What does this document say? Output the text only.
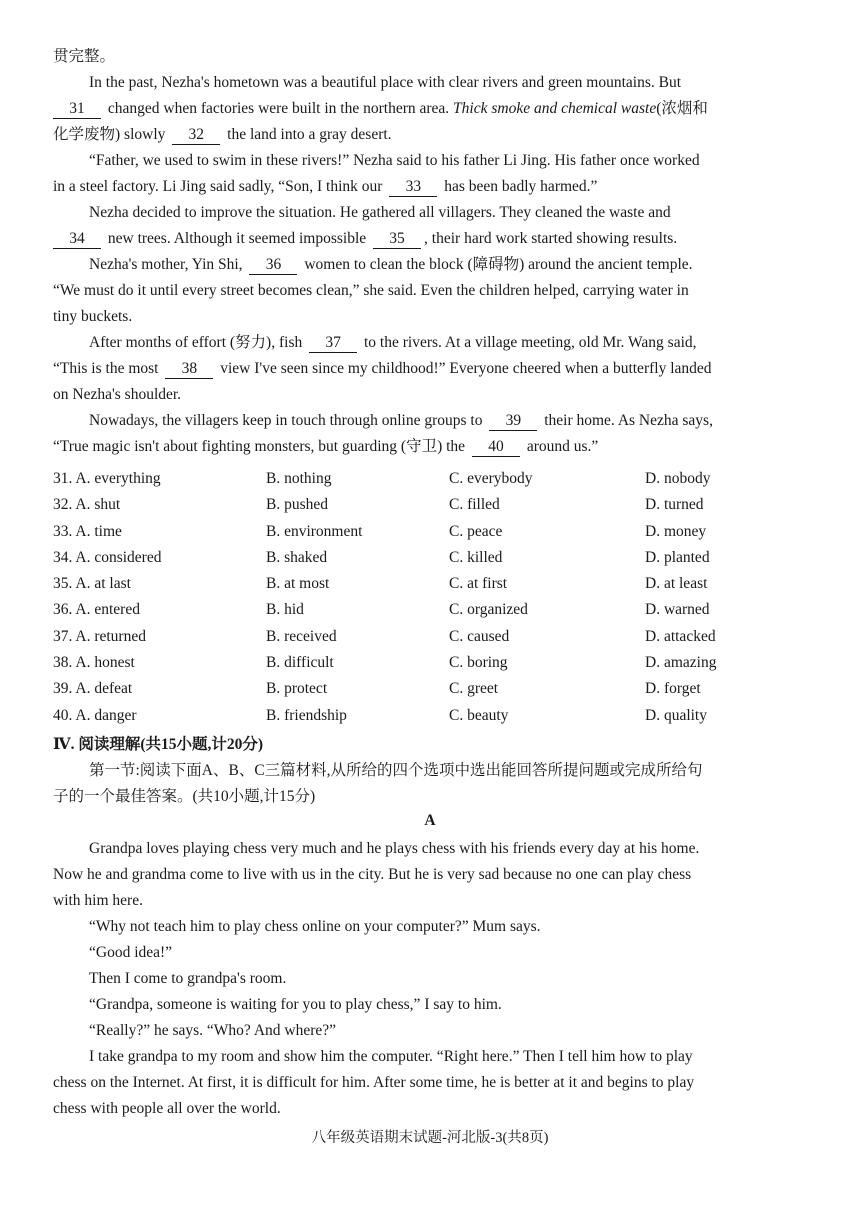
贯完整。
In the past, Nezha's hometown was a beautiful place with clear rivers and green mountains. But
31 changed when factories were built in the northern area. Thick smoke and chemical waste(浓烟和
化学废物) slowly 32 the land into a gray desert.
“Father, we used to swim in these rivers!” Nezha said to his father Li Jing. His father once worked
in a steel factory. Li Jing said sadly, “Son, I think our 33 has been badly harmed.”
Nezha decided to improve the situation. He gathered all villagers. They cleaned the waste and
34 new trees. Although it seemed impossible 35 , their hard work started showing results.
Nezha's mother, Yin Shi, 36 women to clean the block (障碍物) around the ancient temple.
“We must do it until every street becomes clean,” she said. Even the children helped, carrying water in
tiny buckets.
After months of effort (努力), fish 37 to the rivers. At a village meeting, old Mr. Wang said,
“This is the most 38 view I've seen since my childhood!” Everyone cheered when a butterfly landed
on Nezha's shoulder.
Nowadays, the villagers keep in touch through online groups to 39 their home. As Nezha says,
“True magic isn't about fighting monsters, but guarding (守卫) the 40 around us.”
31. A. everything	B. nothing	C. everybody	D. nobody
32. A. shut	B. pushed	C. filled	D. turned
33. A. time	B. environment	C. peace	D. money
34. A. considered	B. shaked	C. killed	D. planted
35. A. at last	B. at most	C. at first	D. at least
36. A. entered	B. hid	C. organized	D. warned
37. A. returned	B. received	C. caused	D. attacked
38. A. honest	B. difficult	C. boring	D. amazing
39. A. defeat	B. protect	C. greet	D. forget
40. A. danger	B. friendship	C. beauty	D. quality
Ⅳ. 阅读理解(共15小题,计20分)
第一节:阅读下面A、B、C三篇材料,从所给的四个选项中选出能回答所提问题或完成所给句
子的一个最佳答案。(共10小题,计15分)
A
Grandpa loves playing chess very much and he plays chess with his friends every day at his home.
Now he and grandma come to live with us in the city. But he is very sad because no one can play chess
with him here.
“Why not teach him to play chess online on your computer?” Mum says.
“Good idea!”
Then I come to grandpa's room.
“Grandpa, someone is waiting for you to play chess,” I say to him.
“Really?” he says. “Who? And where?”
I take grandpa to my room and show him the computer. “Right here.” Then I tell him how to play
chess on the Internet. At first, it is difficult for him. After some time, he is better at it and begins to play
chess with people all over the world.
八年级英语期末试题-河北版-3(共8页)
